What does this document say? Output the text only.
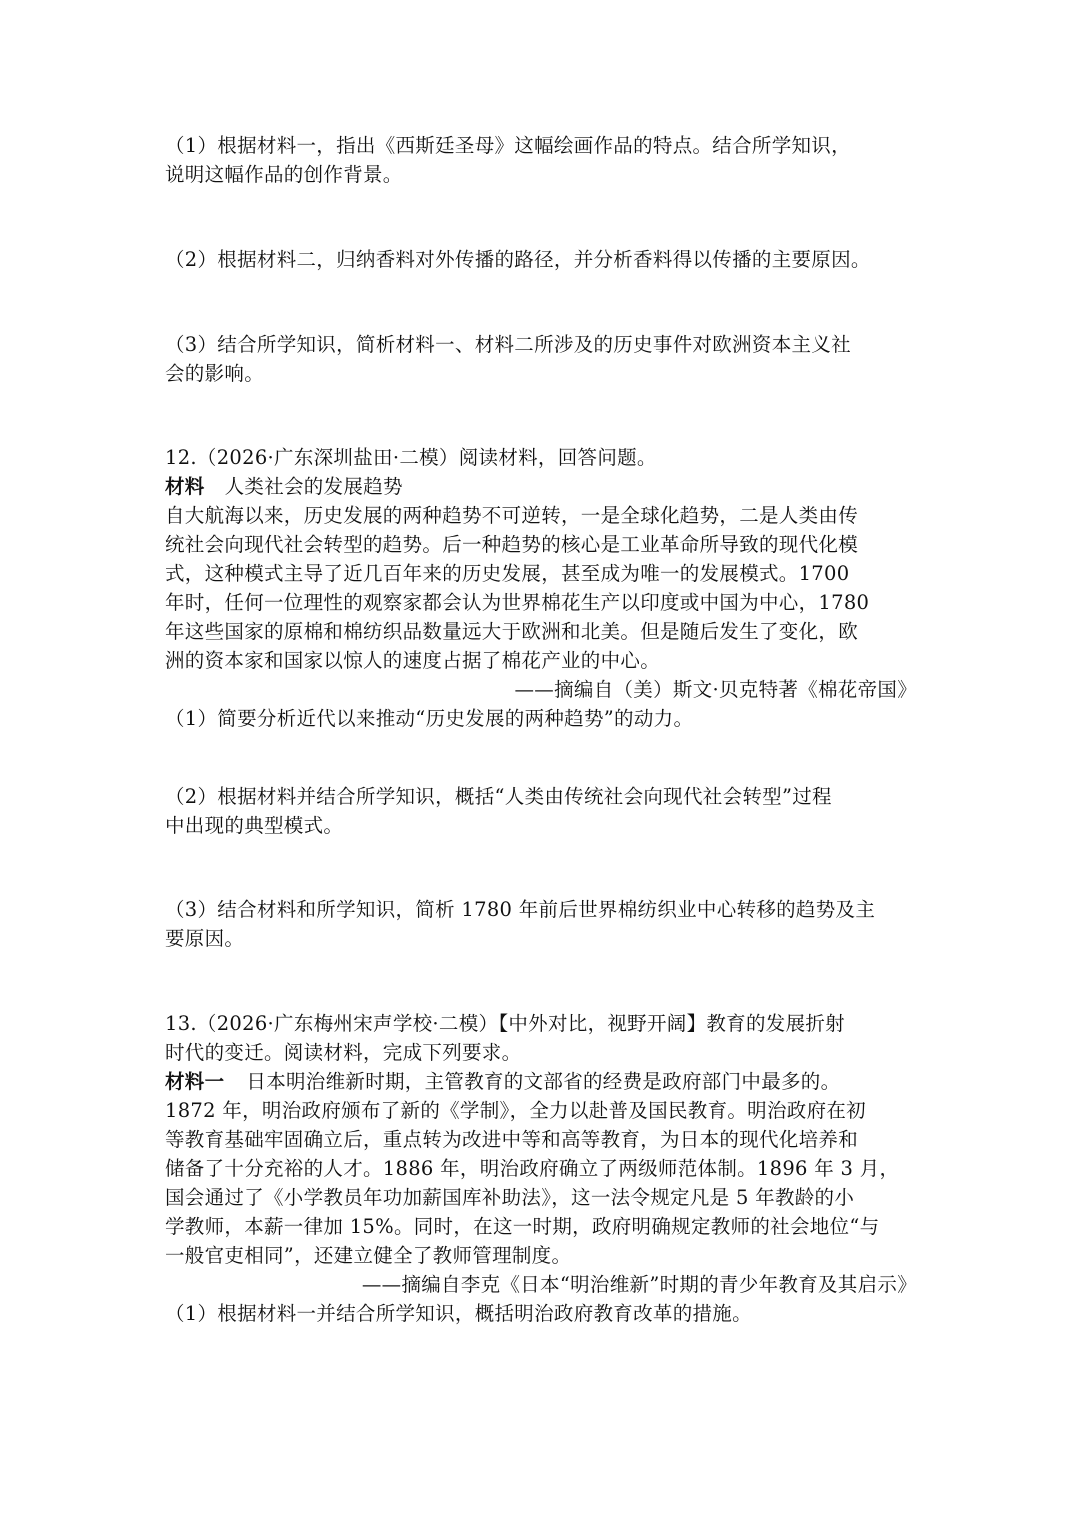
（1）根据材料一，指出《西斯廷圣母》这幅绘画作品的特点。结合所学知识，
说明这幅作品的创作背景。
（2）根据材料二，归纳香料对外传播的路径，并分析香料得以传播的主要原因。
（3）结合所学知识，简析材料一、材料二所涉及的历史事件对欧洲资本主义社
会的影响。
12.（2026·广东深圳盐田·二模）阅读材料，回答问题。
材料 人类社会的发展趋势
自大航海以来，历史发展的两种趋势不可逆转，一是全球化趋势，二是人类由传
统社会向现代社会转型的趋势。后一种趋势的核心是工业革命所导致的现代化模
式，这种模式主导了近几百年来的历史发展，甚至成为唯一的发展模式。1700
年时，任何一位理性的观察家都会认为世界棉花生产以印度或中国为中心，1780
年这些国家的原棉和棉纺织品数量远大于欧洲和北美。但是随后发生了变化，欧
洲的资本家和国家以惊人的速度占据了棉花产业的中心。
——摘编自（美）斯文·贝克特著《棉花帝国》
（1）简要分析近代以来推动“历史发展的两种趋势”的动力。
（2）根据材料并结合所学知识，概括“人类由传统社会向现代社会转型”过程
中出现的典型模式。
（3）结合材料和所学知识，简析 1780 年前后世界棉纺织业中心转移的趋势及主
要原因。
13.（2026·广东梅州宋声学校·二模）【中外对比，视野开阔】教育的发展折射
时代的变迁。阅读材料，完成下列要求。
材料一 日本明治维新时期，主管教育的文部省的经费是政府部门中最多的。
1872 年，明治政府颁布了新的《学制》，全力以赴普及国民教育。明治政府在初
等教育基础牢固确立后，重点转为改进中等和高等教育，为日本的现代化培养和
储备了十分充裕的人才。1886 年，明治政府确立了两级师范体制。1896 年 3 月，
国会通过了《小学教员年功加薪国库补助法》，这一法令规定凡是 5 年教龄的小
学教师，本薪一律加 15%。同时，在这一时期，政府明确规定教师的社会地位“与
一般官吏相同”，还建立健全了教师管理制度。
——摘编自李克《日本“明治维新”时期的青少年教育及其启示》
（1）根据材料一并结合所学知识，概括明治政府教育改革的措施。
